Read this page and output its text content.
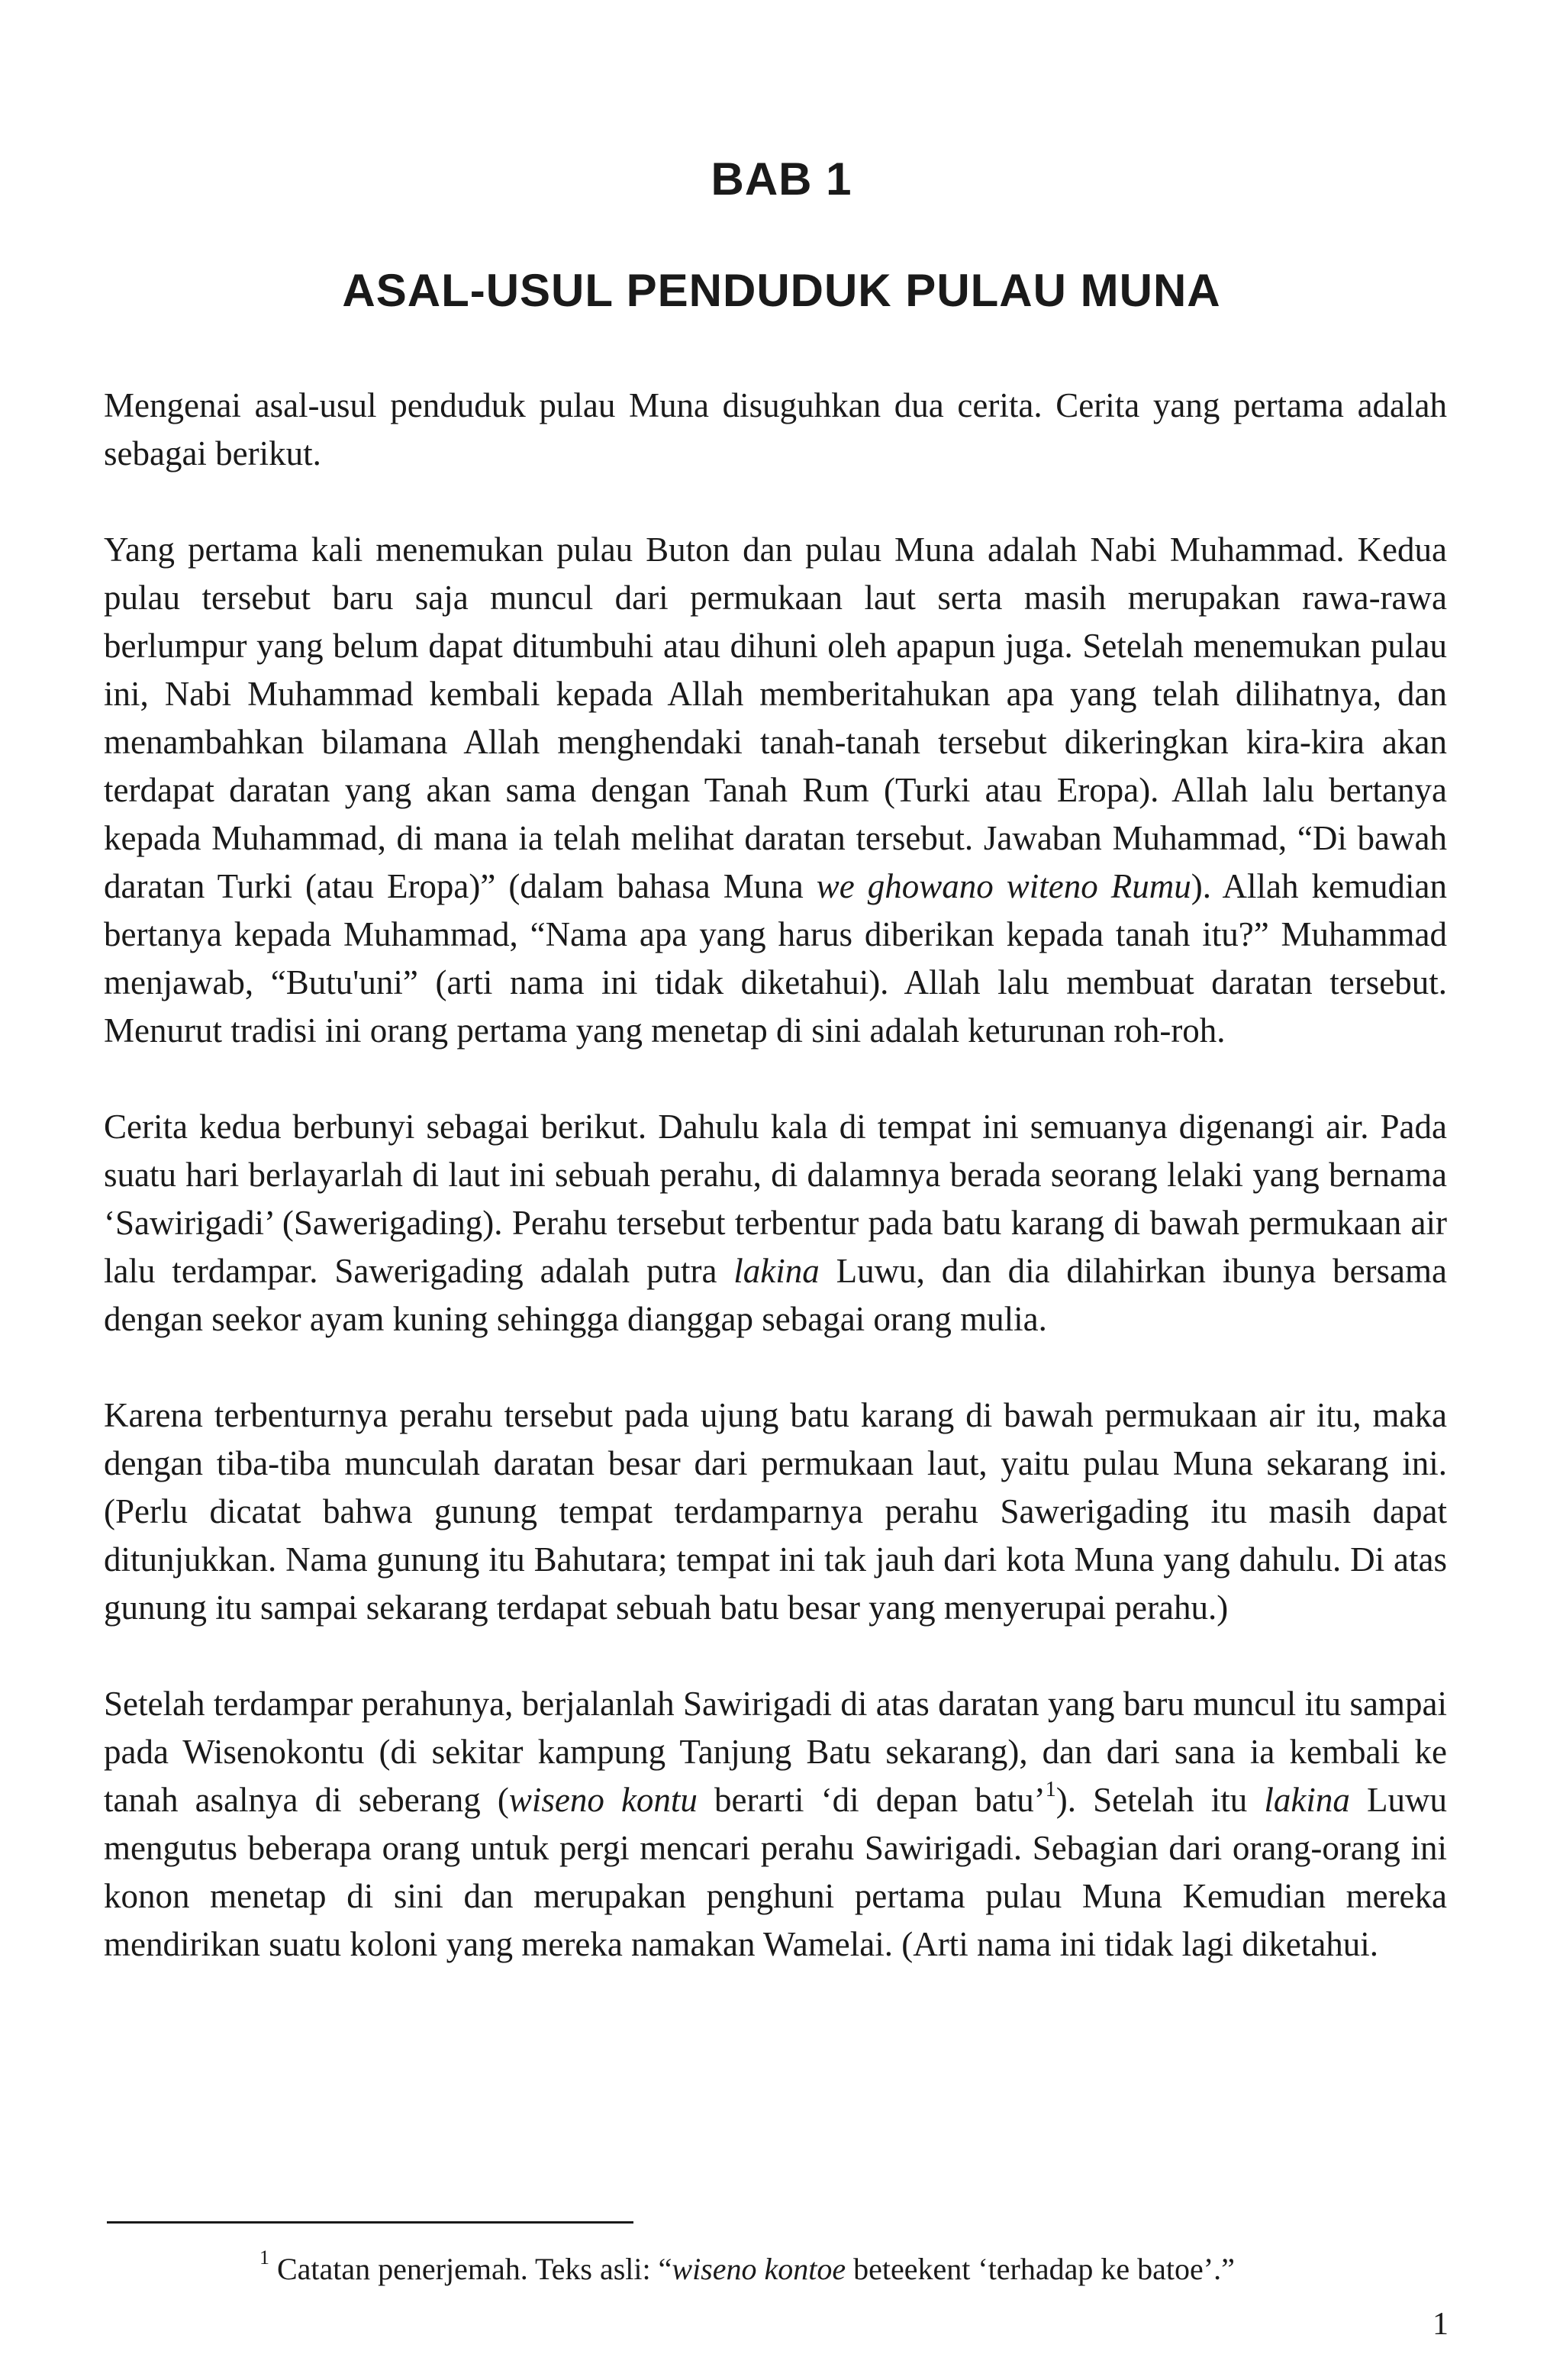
BAB 1
ASAL-USUL PENDUDUK PULAU MUNA

Mengenai asal-usul penduduk pulau Muna disuguhkan dua cerita. Cerita yang pertama adalah sebagai berikut.

Yang pertama kali menemukan pulau Buton dan pulau Muna adalah Nabi Muhammad. Kedua pulau tersebut baru saja muncul dari permukaan laut serta masih merupakan rawa-rawa berlumpur yang belum dapat ditumbuhi atau dihuni oleh apapun juga. Setelah menemukan pulau ini, Nabi Muhammad kembali kepada Allah memberitahukan apa yang telah dilihatnya, dan menambahkan bilamana Allah menghendaki tanah-tanah tersebut dikeringkan kira-kira akan terdapat daratan yang akan sama dengan Tanah Rum (Turki atau Eropa). Allah lalu bertanya kepada Muhammad, di mana ia telah melihat daratan tersebut. Jawaban Muhammad, “Di bawah daratan Turki (atau Eropa)” (dalam bahasa Muna we ghowano witeno Rumu). Allah kemudian bertanya kepada Muhammad, “Nama apa yang harus diberikan kepada tanah itu?” Muhammad menjawab, “Butu'uni” (arti nama ini tidak diketahui). Allah lalu membuat daratan tersebut. Menurut tradisi ini orang pertama yang menetap di sini adalah keturunan roh-roh.

Cerita kedua berbunyi sebagai berikut. Dahulu kala di tempat ini semuanya digenangi air. Pada suatu hari berlayarlah di laut ini sebuah perahu, di dalamnya berada seorang lelaki yang bernama ‘Sawirigadi’ (Sawerigading). Perahu tersebut terbentur pada batu karang di bawah permukaan air lalu terdampar. Sawerigading adalah putra lakina Luwu, dan dia dilahirkan ibunya bersama dengan seekor ayam kuning sehingga dianggap sebagai orang mulia.

Karena terbenturnya perahu tersebut pada ujung batu karang di bawah permukaan air itu, maka dengan tiba-tiba munculah daratan besar dari permukaan laut, yaitu pulau Muna sekarang ini. (Perlu dicatat bahwa gunung tempat terdamparnya perahu Sawerigading itu masih dapat ditunjukkan. Nama gunung itu Bahutara; tempat ini tak jauh dari kota Muna yang dahulu. Di atas gunung itu sampai sekarang terdapat sebuah batu besar yang menyerupai perahu.)

Setelah terdampar perahunya, berjalanlah Sawirigadi di atas daratan yang baru muncul itu sampai pada Wisenokontu (di sekitar kampung Tanjung Batu sekarang), dan dari sana ia kembali ke tanah asalnya di seberang (wiseno kontu berarti ‘di depan batu’$^1$). Setelah itu lakina Luwu mengutus beberapa orang untuk pergi mencari perahu Sawirigadi. Sebagian dari orang-orang ini konon menetap di sini dan merupakan penghuni pertama pulau Muna Kemudian mereka mendirikan suatu koloni yang mereka namakan Wamelai. (Arti nama ini tidak lagi diketahui.

$^1$ Catatan penerjemah. Teks asli: “wiseno kontoe beteekent ‘terhadap ke batoe’.”
1
